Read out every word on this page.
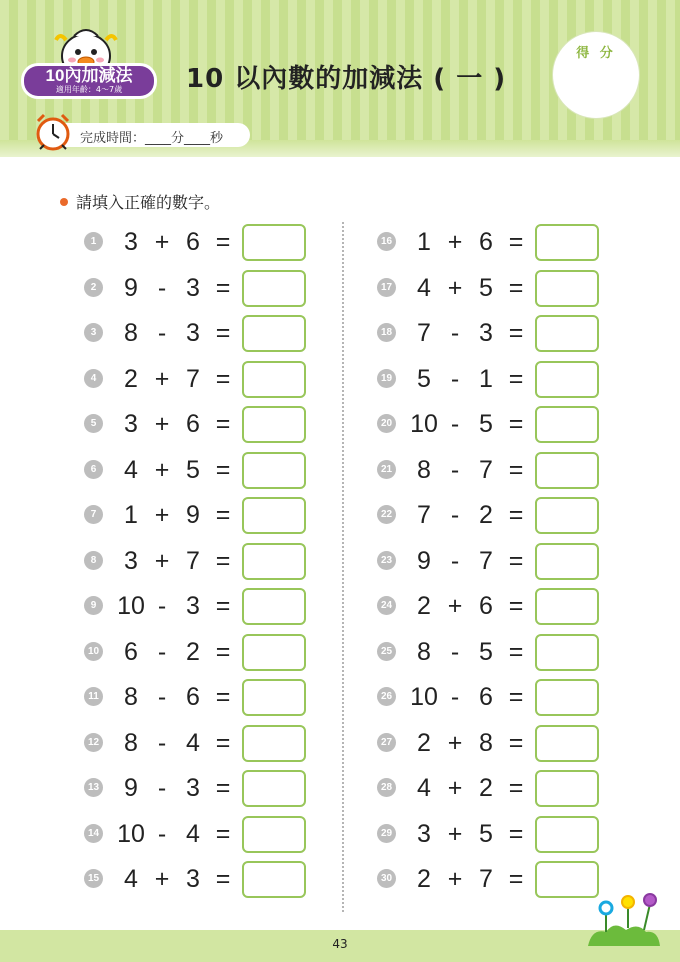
10內加減法
適用年齡：4～7歲	10 以內數的加減法 ( 一 )
得 分
完成時間：____分____秒
請填入正確的數字。
1	3 + 6 =
2	9 - 3 =
3	8 - 3 =
4	2 + 7 =
5	3 + 6 =
6	4 + 5 =
7	1 + 9 =
8	3 + 7 =
9 10 - 3 =
10 6 - 2 =
11	8 - 6 =
12 8 - 4 =
13 9 - 3 =
14 10 - 4 =
15 4 + 3 =
16 1 + 6 =
17 4 + 5 =
18 7 - 3 =
19 5 - 1 =
20 10 - 5 =
21 8 - 7 =
22 7 - 2 =
23 9 - 7 =
24 2 + 6 =
25 8 - 5 =
26 10 - 6 =
27 2 + 8 =
28 4 + 2 =
29 3 + 5 =
30 2 + 7 =
43
